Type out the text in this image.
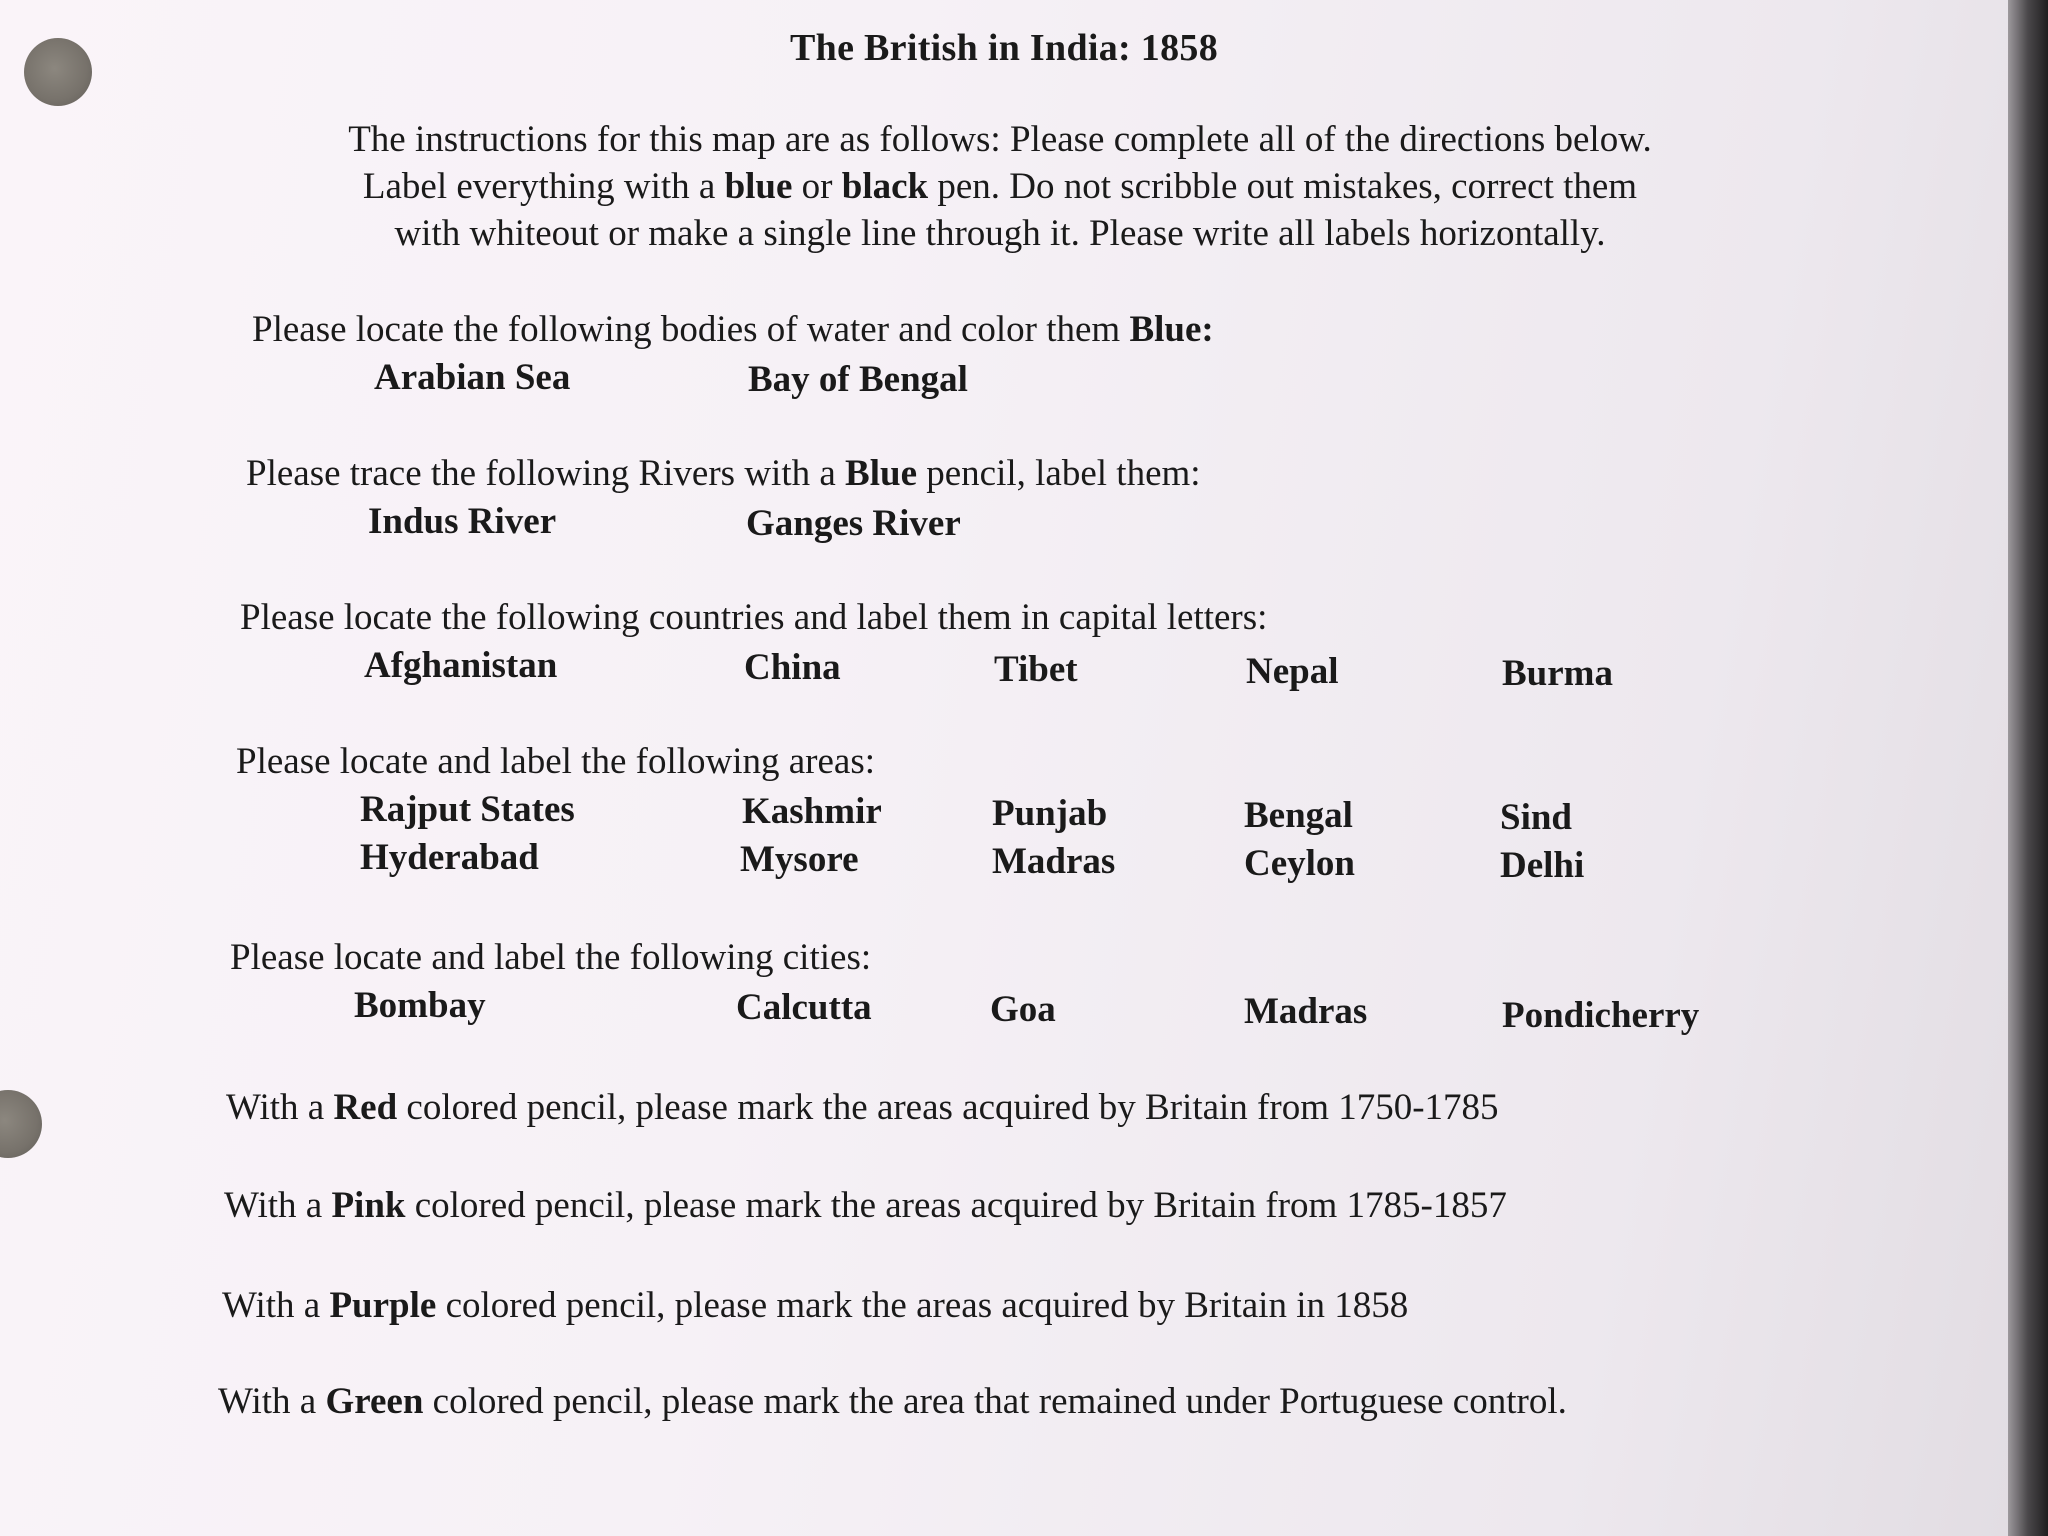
The British in India: 1858
The instructions for this map are as follows: Please complete all of the directions below.
Label everything with a blue or black pen. Do not scribble out mistakes, correct them
with whiteout or make a single line through it. Please write all labels horizontally.
Please locate the following bodies of water and color them Blue:
Arabian Sea	Bay of Bengal
Please trace the following Rivers with a Blue pencil, label them:
Indus River	Ganges River
Please locate the following countries and label them in capital letters:
Afghanistan	China	Tibet	Nepal	Burma
Please locate and label the following areas:
Rajput States	Kashmir	Punjab	Bengal	Sind
Hyderabad	Mysore	Madras	Ceylon	Delhi
Please locate and label the following cities:
Bombay	Calcutta	Goa	Madras	Pondicherry
With a Red colored pencil, please mark the areas acquired by Britain from 1750-1785
With a Pink colored pencil, please mark the areas acquired by Britain from 1785-1857
With a Purple colored pencil, please mark the areas acquired by Britain in 1858
With a Green colored pencil, please mark the area that remained under Portuguese control.
